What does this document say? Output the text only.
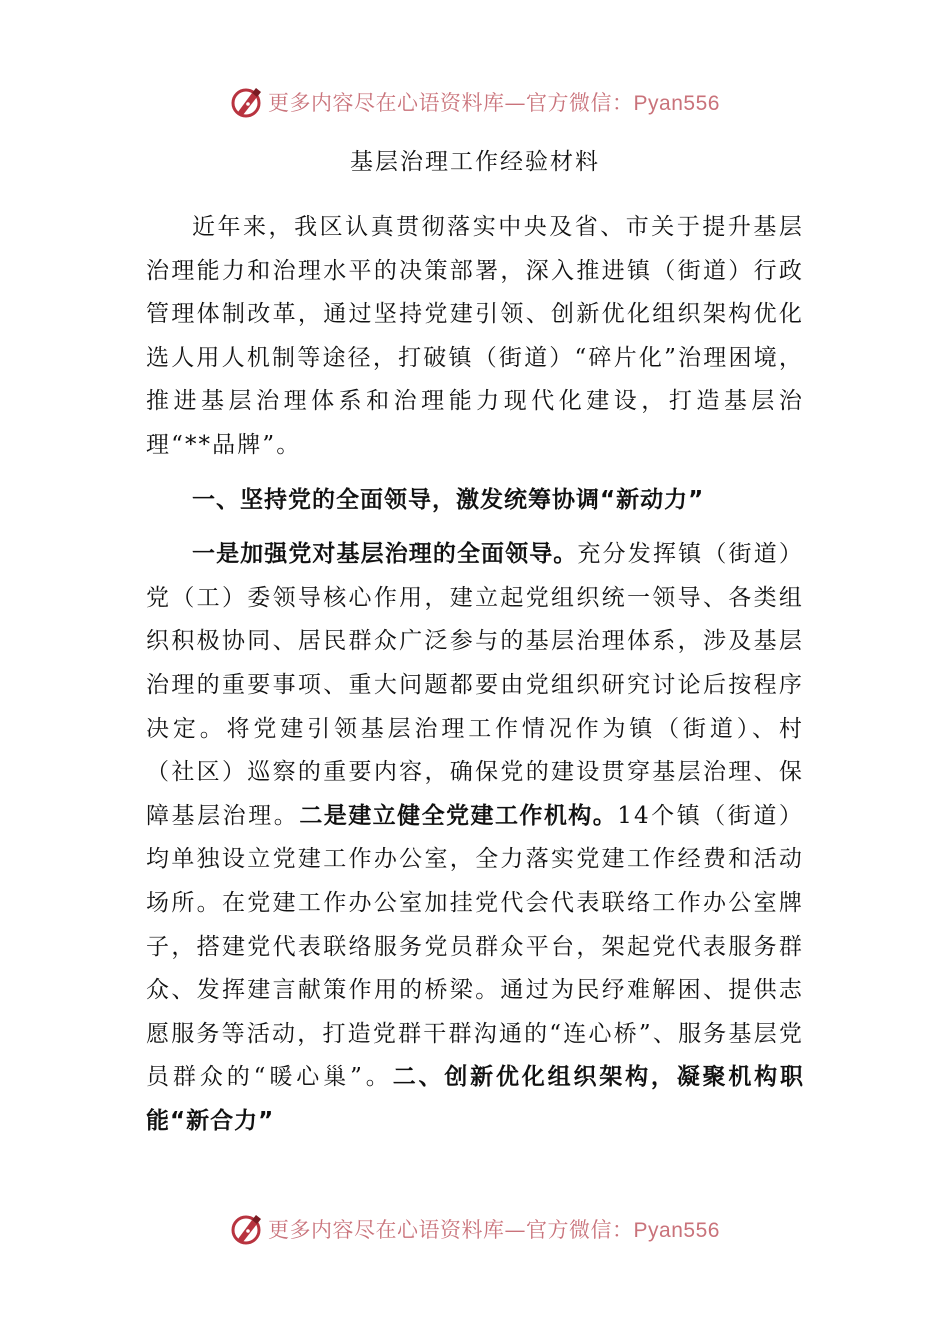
更多内容尽在心语资料库—官方微信：Pyan556
基层治理工作经验材料

近年来，我区认真贯彻落实中央及省、市关于提升基层治理能力和治理水平的决策部署，深入推进镇（街道）行政管理体制改革，通过坚持党建引领、创新优化组织架构优化选人用人机制等途径，打破镇（街道）“碎片化”治理困境，推进基层治理体系和治理能力现代化建设，打造基层治理“**品牌”。

一、坚持党的全面领导，激发统筹协调“新动力”

一是加强党对基层治理的全面领导。充分发挥镇（街道）党（工）委领导核心作用，建立起党组织统一领导、各类组织积极协同、居民群众广泛参与的基层治理体系，涉及基层治理的重要事项、重大问题都要由党组织研究讨论后按程序决定。将党建引领基层治理工作情况作为镇（街道）、村（社区）巡察的重要内容，确保党的建设贯穿基层治理、保障基层治理。二是建立健全党建工作机构。14个镇（街道）均单独设立党建工作办公室，全力落实党建工作经费和活动场所。在党建工作办公室加挂党代会代表联络工作办公室牌子，搭建党代表联络服务党员群众平台，架起党代表服务群众、发挥建言献策作用的桥梁。通过为民纾难解困、提供志愿服务等活动，打造党群干群沟通的“连心桥”、服务基层党员群众的“暖心巢”。二、创新优化组织架构，凝聚机构职能“新合力”

更多内容尽在心语资料库—官方微信：Pyan556
